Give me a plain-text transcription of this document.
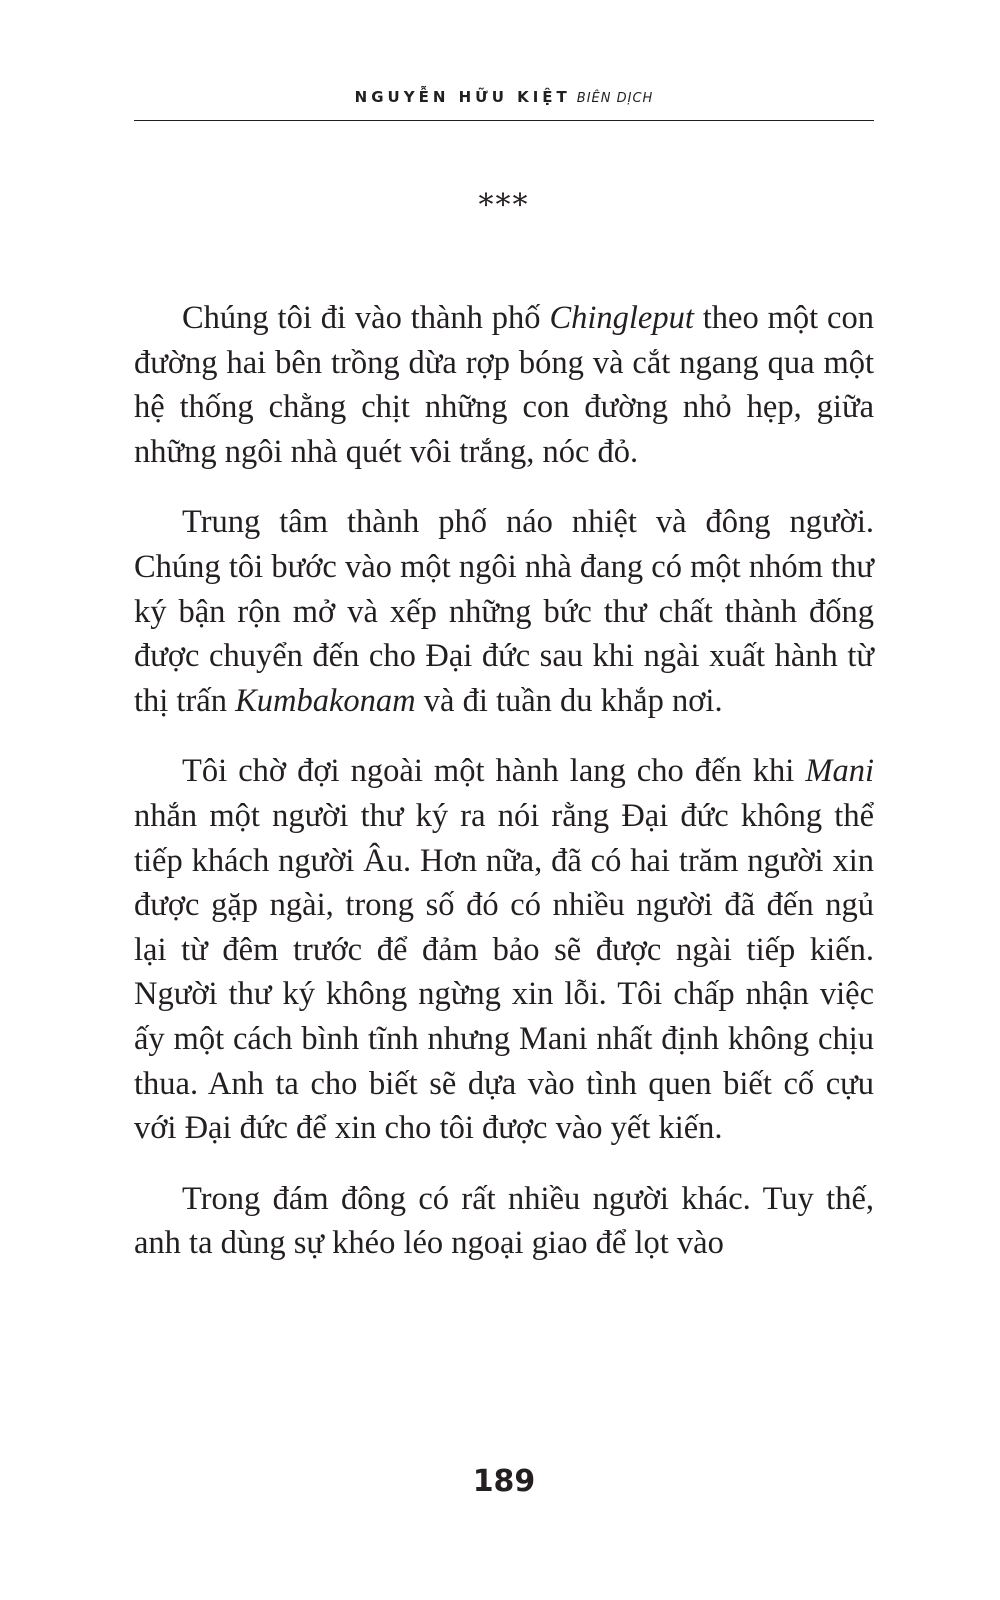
NGUYỄN HỮU KIỆT BIÊN DỊCH
***

Chúng tôi đi vào thành phố Chingleput theo một con đường hai bên trồng dừa rợp bóng và cắt ngang qua một hệ thống chằng chịt những con đường nhỏ hẹp, giữa những ngôi nhà quét vôi trắng, nóc đỏ.

Trung tâm thành phố náo nhiệt và đông người. Chúng tôi bước vào một ngôi nhà đang có một nhóm thư ký bận rộn mở và xếp những bức thư chất thành đống được chuyển đến cho Đại đức sau khi ngài xuất hành từ thị trấn Kumbakonam và đi tuần du khắp nơi.

Tôi chờ đợi ngoài một hành lang cho đến khi Mani nhắn một người thư ký ra nói rằng Đại đức không thể tiếp khách người Âu. Hơn nữa, đã có hai trăm người xin được gặp ngài, trong số đó có nhiều người đã đến ngủ lại từ đêm trước để đảm bảo sẽ được ngài tiếp kiến. Người thư ký không ngừng xin lỗi. Tôi chấp nhận việc ấy một cách bình tĩnh nhưng Mani nhất định không chịu thua. Anh ta cho biết sẽ dựa vào tình quen biết cố cựu với Đại đức để xin cho tôi được vào yết kiến.

Trong đám đông có rất nhiều người khác. Tuy thế, anh ta dùng sự khéo léo ngoại giao để lọt vào

189
